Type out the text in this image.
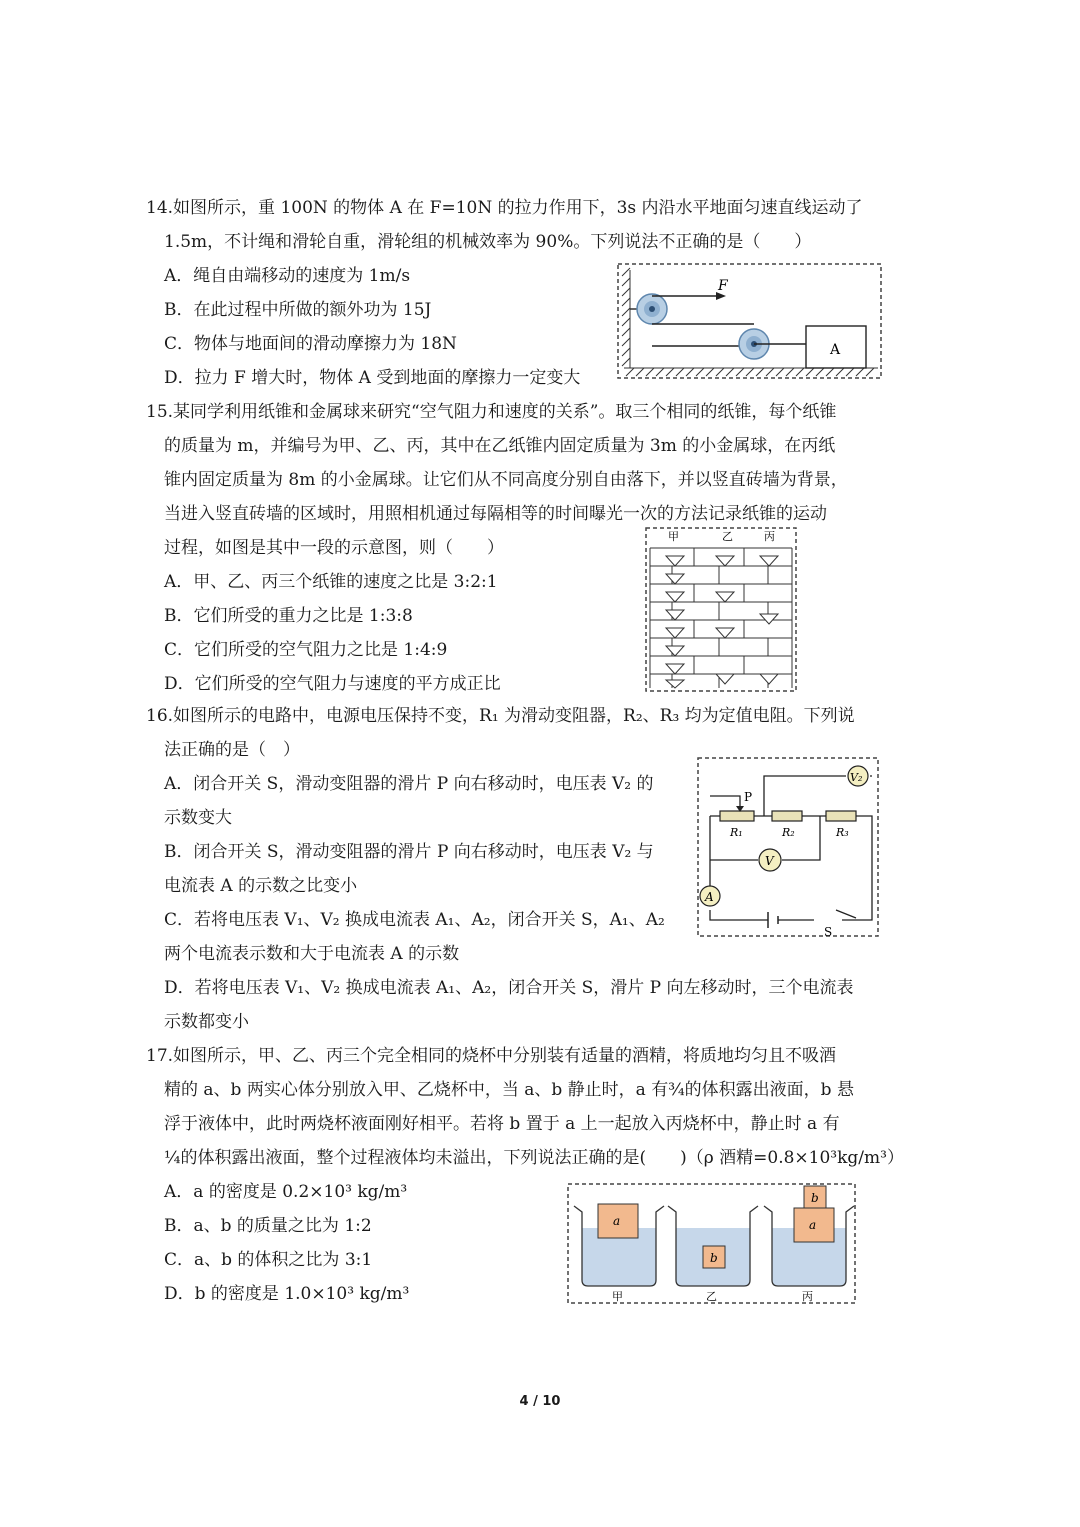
14.如图所示，重 100N 的物体 A 在 F=10N 的拉力作用下，3s 内沿水平地面匀速直线运动了
1.5m，不计绳和滑轮自重，滑轮组的机械效率为 90%。下列说法不正确的是（　　）
A．绳自由端移动的速度为 1m/s
B．在此过程中所做的额外功为 15J
C．物体与地面间的滑动摩擦力为 18N
D．拉力 F 增大时，物体 A 受到地面的摩擦力一定变大
F
A
15.某同学利用纸锥和金属球来研究“空气阻力和速度的关系”。取三个相同的纸锥，每个纸锥
的质量为 m，并编号为甲、乙、丙，其中在乙纸锥内固定质量为 3m 的小金属球，在丙纸
锥内固定质量为 8m 的小金属球。让它们从不同高度分别自由落下，并以竖直砖墙为背景，
当进入竖直砖墙的区域时，用照相机通过每隔相等的时间曝光一次的方法记录纸锥的运动
过程，如图是其中一段的示意图，则（　　）
A．甲、乙、丙三个纸锥的速度之比是 3:2:1
B．它们所受的重力之比是 1:3:8
C．它们所受的空气阻力之比是 1:4:9
D．它们所受的空气阻力与速度的平方成正比
甲	乙	丙
16.如图所示的电路中，电源电压保持不变，R₁ 为滑动变阻器，R₂、R₃ 均为定值电阻。下列说
法正确的是（　）
A．闭合开关 S，滑动变阻器的滑片 P 向右移动时，电压表 V₂ 的
示数变大
B．闭合开关 S，滑动变阻器的滑片 P 向右移动时，电压表 V₂ 与
电流表 A 的示数之比变小
C．若将电压表 V₁、V₂ 换成电流表 A₁、A₂，闭合开关 S，A₁、A₂
两个电流表示数和大于电流表 A 的示数
D．若将电压表 V₁、V₂ 换成电流表 A₁、A₂，闭合开关 S，滑片 P 向左移动时，三个电流表
示数都变小
S
P
R₁	R₂	R₃
V₂
V
A
17.如图所示，甲、乙、丙三个完全相同的烧杯中分别装有适量的酒精，将质地均匀且不吸酒
精的 a、b 两实心体分别放入甲、乙烧杯中，当 a、b 静止时，a 有¾的体积露出液面，b 悬
浮于液体中，此时两烧杯液面刚好相平。若将 b 置于 a 上一起放入丙烧杯中，静止时 a 有
¼的体积露出液面，整个过程液体均未溢出，下列说法正确的是(　　)（ρ 酒精=0.8×10³kg/m³）
A．a 的密度是 0.2×10³ kg/m³
B．a、b 的质量之比为 1:2
C．a、b 的体积之比为 3:1
D．b 的密度是 1.0×10³ kg/m³
a
甲
b
乙
a
b
丙
4 / 10
